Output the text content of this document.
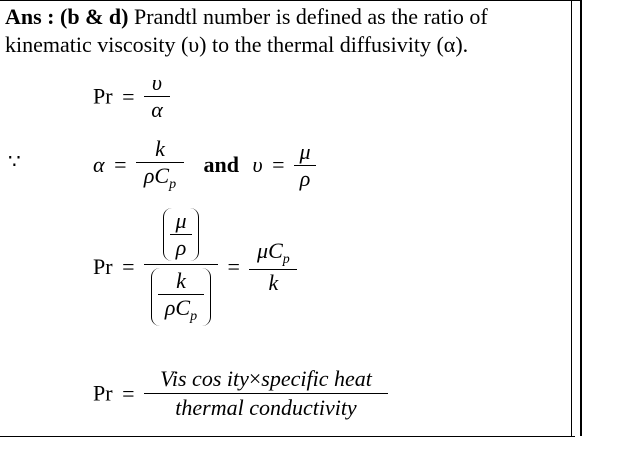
Ans : (b & d) Prandtl number is defined as the ratio of
kinematic viscosity (υ) to the thermal diffusivity (α).
$Pr = \frac{\upsilon}{\alpha}$
∵	$\alpha = \frac{k}{\rho C_p}$ and $\upsilon = \frac{\mu}{\rho}$
$Pr = \frac{\frac{\mu}{\rho}}{\frac{k}{\rho C_p}} = \frac{\mu C_p}{k}$
$Pr = \frac{\text{Vis cos ity×specific heat}}{\text{thermal conductivity}}$
